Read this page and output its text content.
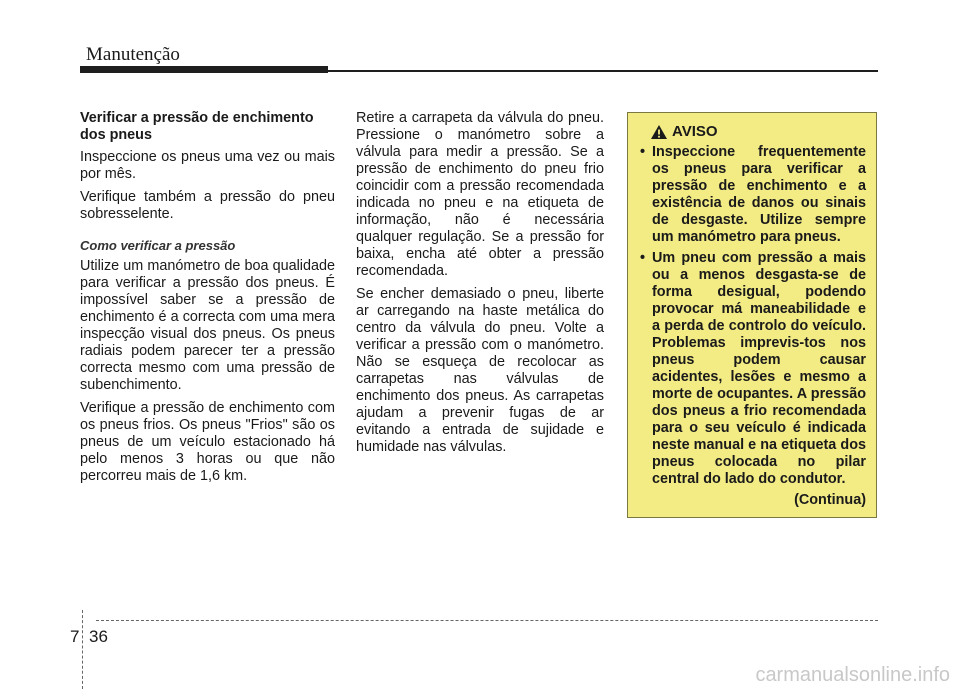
Manutenção
Verificar a pressão de enchimento dos pneus

Inspeccione os pneus uma vez ou mais por mês.

Verifique também a pressão do pneu sobresselente.

Como verificar a pressão

Utilize um manómetro de boa qualidade para verificar a pressão dos pneus. É impossível saber se a pressão de enchimento é a correcta com uma mera inspecção visual dos pneus. Os pneus radiais podem parecer ter a pressão correcta mesmo com uma pressão de subenchimento.

Verifique a pressão de enchimento com os pneus frios. Os pneus "Frios" são os pneus de um veículo estacionado há pelo menos 3 horas ou que não percorreu mais de 1,6 km.

Retire a carrapeta da válvula do pneu. Pressione o manómetro sobre a válvula para medir a pressão. Se a pressão de enchimento do pneu frio coincidir com a pressão recomendada indicada no pneu e na etiqueta de informação, não é necessária qualquer regulação. Se a pressão for baixa, encha até obter a pressão recomendada.

Se encher demasiado o pneu, liberte ar carregando na haste metálica do centro da válvula do pneu. Volte a verificar a pressão com o manómetro. Não se esqueça de recolocar as carrapetas nas válvulas de enchimento dos pneus. As carrapetas ajudam a prevenir fugas de ar evitando a entrada de sujidade e humidade nas válvulas.

AVISO
• Inspeccione frequentemente os pneus para verificar a pressão de enchimento e a existência de danos ou sinais de desgaste. Utilize sempre um manómetro para pneus.
• Um pneu com pressão a mais ou a menos desgasta-se de forma desigual, podendo provocar má maneabilidade e a perda de controlo do veículo. Problemas imprevis-tos nos pneus podem causar acidentes, lesões e mesmo a morte de ocupantes. A pressão dos pneus a frio recomendada para o seu veículo é indicada neste manual e na etiqueta dos pneus colocada no pilar central do lado do condutor.
(Continua)
7 36
carmanualsonline.info
